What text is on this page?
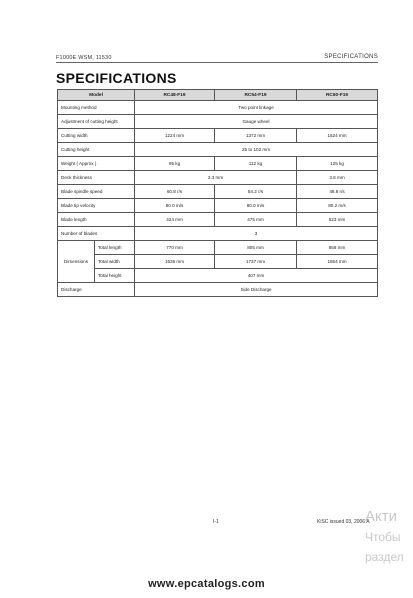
F1000E WSM, 11530	SPECIFICATIONS
SPECIFICATIONS
Model		RC48-F19	RC54-F19	RC60-F19
Mounting method		Two point linkage		
Adjustment of cutting height		Gauge wheel		
Cutting width		1224 mm	1372 mm	1524 mm
Cutting height		25 to 102 mm		
Weight ( Approx )		95 kg	112 kg	125 kg
Deck thickness		3.3 mm		3.8 mm
Blade spindle speed		60.8 r/s	54.2 r/s	48.8 r/s
Blade tip velocity		80.0 m/s	80.0 m/s	80.2 m/s
Blade length		424 mm	475 mm	523 mm
Number of blades		3		
Dimensions	Total length	770 mm	805 mm	858 mm
	Total width	1535 mm	1737 mm	1864 mm
	Total height	407 mm		
Discharge		Side Discharge		
I-1	KiSC issued 03, 2006 A
Акти
Чтобы
раздел
www.epcatalogs.com
